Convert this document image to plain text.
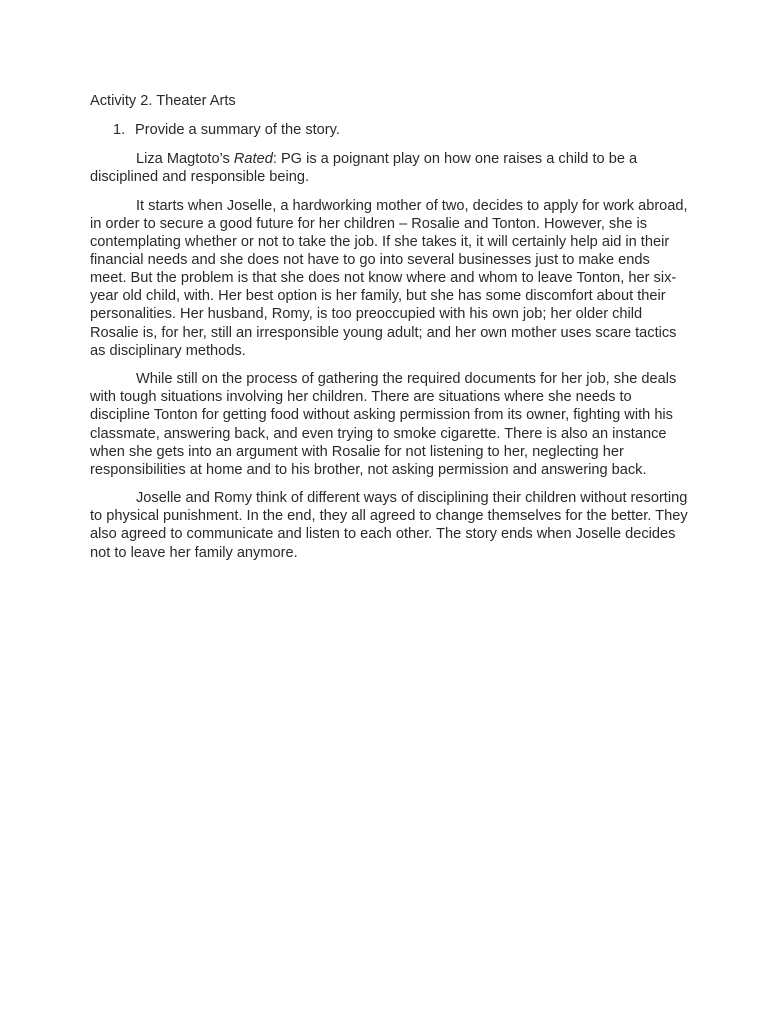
Activity 2. Theater Arts
1. Provide a summary of the story.

Liza Magtoto’s Rated: PG is a poignant play on how one raises a child to be a disciplined and responsible being.

It starts when Joselle, a hardworking mother of two, decides to apply for work abroad, in order to secure a good future for her children – Rosalie and Tonton. However, she is contemplating whether or not to take the job. If she takes it, it will certainly help aid in their financial needs and she does not have to go into several businesses just to make ends meet. But the problem is that she does not know where and whom to leave Tonton, her six-year old child, with. Her best option is her family, but she has some discomfort about their personalities. Her husband, Romy, is too preoccupied with his own job; her older child Rosalie is, for her, still an irresponsible young adult; and her own mother uses scare tactics as disciplinary methods.

While still on the process of gathering the required documents for her job, she deals with tough situations involving her children. There are situations where she needs to discipline Tonton for getting food without asking permission from its owner, fighting with his classmate, answering back, and even trying to smoke cigarette. There is also an instance when she gets into an argument with Rosalie for not listening to her, neglecting her responsibilities at home and to his brother, not asking permission and answering back.

Joselle and Romy think of different ways of disciplining their children without resorting to physical punishment. In the end, they all agreed to change themselves for the better. They also agreed to communicate and listen to each other. The story ends when Joselle decides not to leave her family anymore.
